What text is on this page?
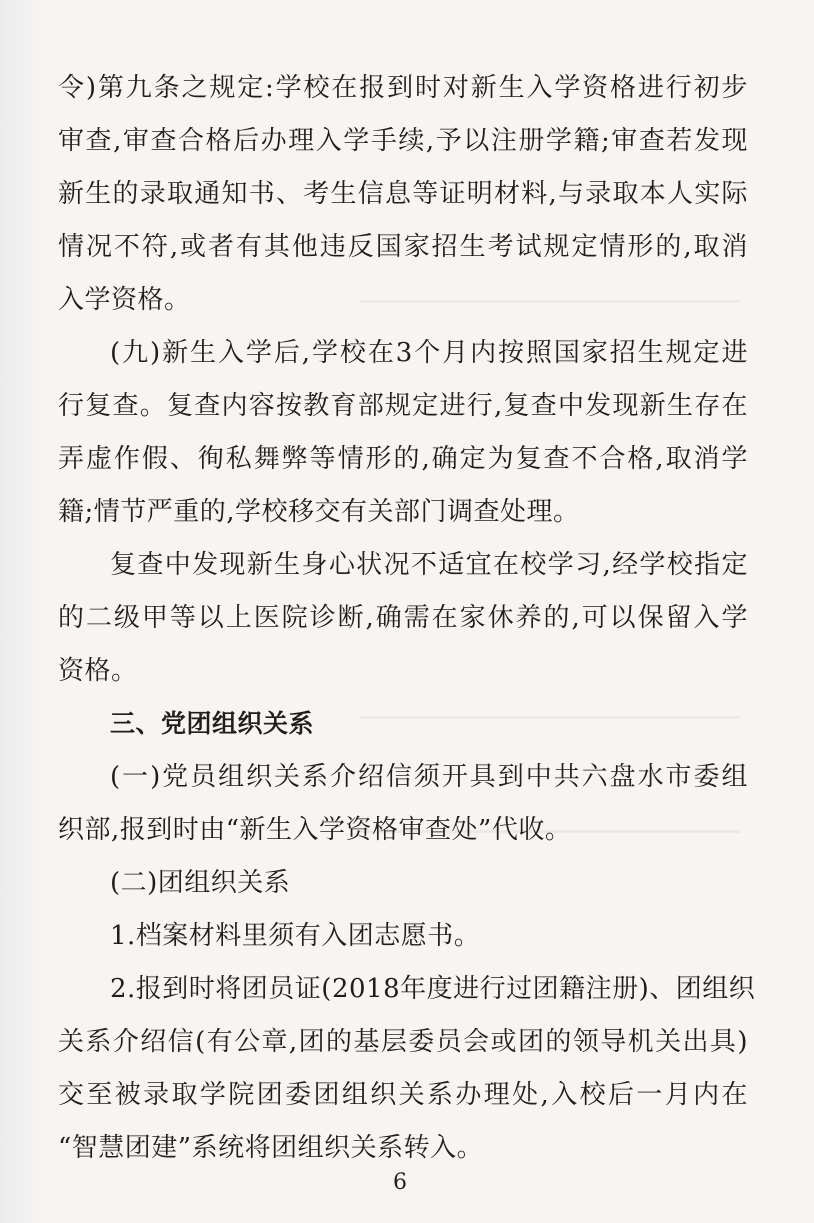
令)第九条之规定:学校在报到时对新生入学资格进行初步
审查,审查合格后办理入学手续,予以注册学籍;审查若发现
新生的录取通知书、考生信息等证明材料,与录取本人实际
情况不符,或者有其他违反国家招生考试规定情形的,取消
入学资格。
(九)新生入学后,学校在3个月内按照国家招生规定进
行复查。复查内容按教育部规定进行,复查中发现新生存在
弄虚作假、徇私舞弊等情形的,确定为复查不合格,取消学
籍;情节严重的,学校移交有关部门调查处理。
复查中发现新生身心状况不适宜在校学习,经学校指定
的二级甲等以上医院诊断,确需在家休养的,可以保留入学
资格。
三、党团组织关系
(一)党员组织关系介绍信须开具到中共六盘水市委组
织部,报到时由“新生入学资格审查处”代收。
(二)团组织关系
1.档案材料里须有入团志愿书。
2.报到时将团员证(2018年度进行过团籍注册)、团组织
关系介绍信(有公章,团的基层委员会或团的领导机关出具)
交至被录取学院团委团组织关系办理处,入校后一月内在
“智慧团建”系统将团组织关系转入。
6
